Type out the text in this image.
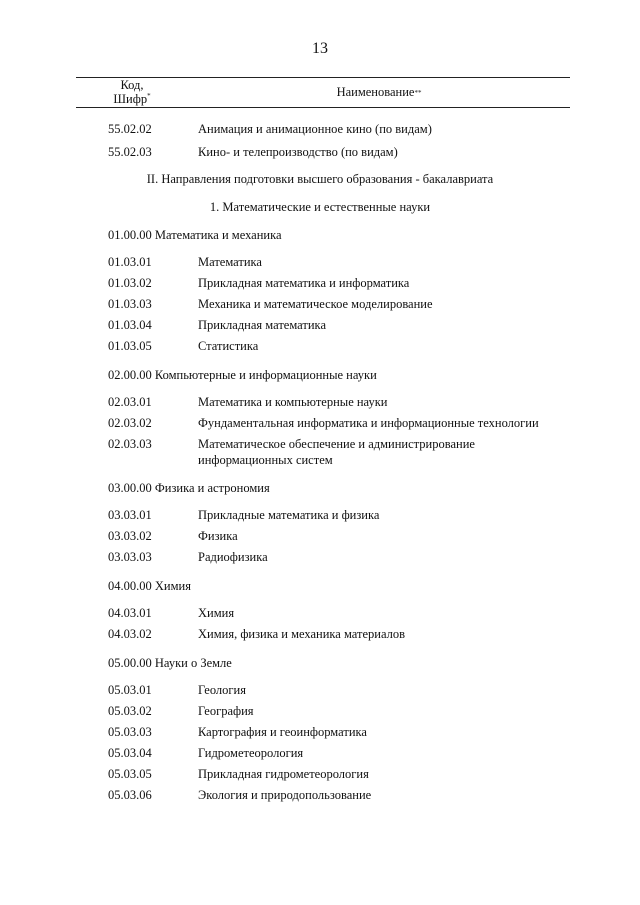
13
Код,
Шифр*	Наименование **
55.02.02	Анимация и анимационное кино (по видам)
55.02.03	Кино- и телепроизводство (по видам)
II. Направления подготовки высшего образования - бакалавриата
1. Математические и естественные науки
01.00.00 Математика и механика
01.03.01	Математика
01.03.02	Прикладная математика и информатика
01.03.03	Механика и математическое моделирование
01.03.04	Прикладная математика
01.03.05	Статистика
02.00.00 Компьютерные и информационные науки
02.03.01	Математика и компьютерные науки
02.03.02	Фундаментальная информатика и информационные технологии
02.03.03	Математическое обеспечение и администрирование информационных систем
03.00.00 Физика и астрономия
03.03.01	Прикладные математика и физика
03.03.02	Физика
03.03.03	Радиофизика
04.00.00 Химия
04.03.01	Химия
04.03.02	Химия, физика и механика материалов
05.00.00 Науки о Земле
05.03.01	Геология
05.03.02	География
05.03.03	Картография и геоинформатика
05.03.04	Гидрометеорология
05.03.05	Прикладная гидрометеорология
05.03.06	Экология и природопользование
